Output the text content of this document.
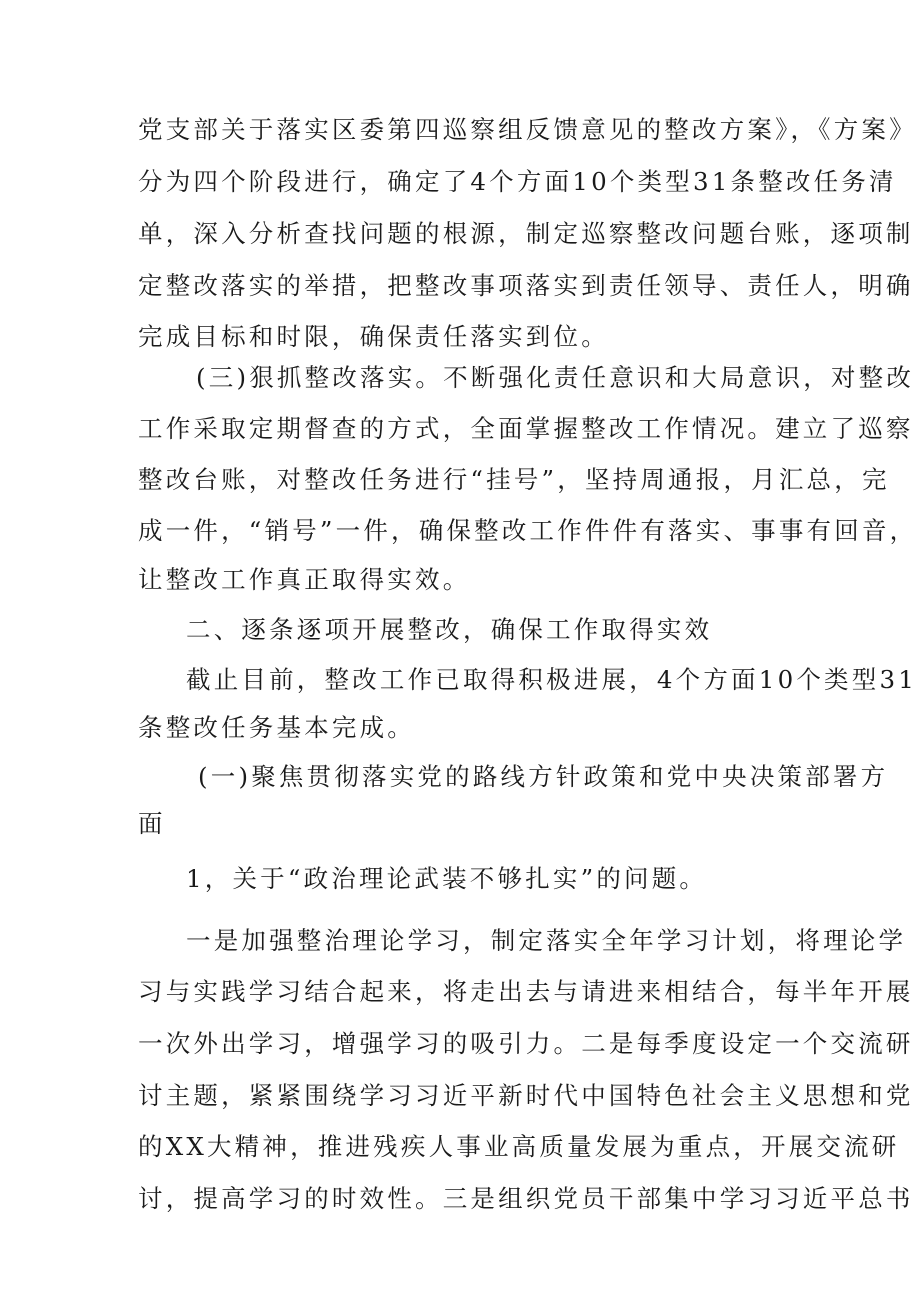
党支部关于落实区委第四巡察组反馈意见的整改方案》，《方案》
分为四个阶段进行，确定了4个方面10个类型31条整改任务清
单，深入分析查找问题的根源，制定巡察整改问题台账，逐项制
定整改落实的举措，把整改事项落实到责任领导、责任人，明确
完成目标和时限，确保责任落实到位。
(三)狠抓整改落实。不断强化责任意识和大局意识，对整改
工作采取定期督查的方式，全面掌握整改工作情况。建立了巡察
整改台账，对整改任务进行“挂号”，坚持周通报，月汇总，完
成一件，“销号”一件，确保整改工作件件有落实、事事有回音，
让整改工作真正取得实效。
二、逐条逐项开展整改，确保工作取得实效
截止目前，整改工作已取得积极进展，4个方面10个类型31
条整改任务基本完成。
(一)聚焦贯彻落实党的路线方针政策和党中央决策部署方
面
1，关于“政治理论武装不够扎实”的问题。
一是加强整治理论学习，制定落实全年学习计划，将理论学
习与实践学习结合起来，将走出去与请进来相结合，每半年开展
一次外出学习，增强学习的吸引力。二是每季度设定一个交流研
讨主题，紧紧围绕学习习近平新时代中国特色社会主义思想和党
的XX大精神，推进残疾人事业高质量发展为重点，开展交流研
讨，提高学习的时效性。三是组织党员干部集中学习习近平总书
